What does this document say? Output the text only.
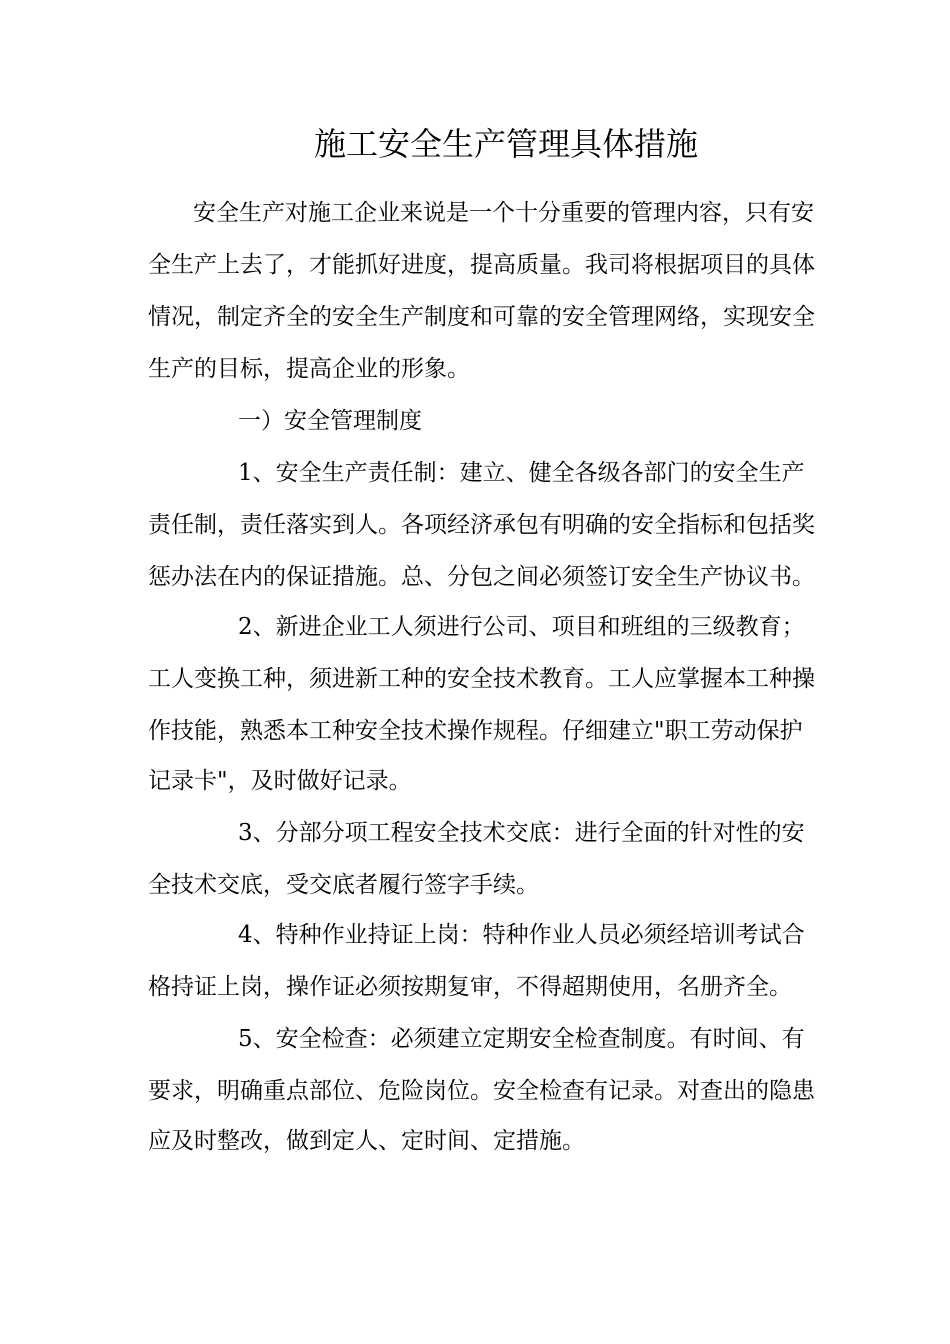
施工安全生产管理具体措施
安全生产对施工企业来说是一个十分重要的管理内容，只有安
全生产上去了，才能抓好进度，提高质量。我司将根据项目的具体
情况，制定齐全的安全生产制度和可靠的安全管理网络，实现安全
生产的目标，提高企业的形象。
一）安全管理制度
1、安全生产责任制：建立、健全各级各部门的安全生产
责任制，责任落实到人。各项经济承包有明确的安全指标和包括奖
惩办法在内的保证措施。总、分包之间必须签订安全生产协议书。
2、新进企业工人须进行公司、项目和班组的三级教育；
工人变换工种，须进新工种的安全技术教育。工人应掌握本工种操
作技能，熟悉本工种安全技术操作规程。仔细建立"职工劳动保护
记录卡"，及时做好记录。
3、分部分项工程安全技术交底：进行全面的针对性的安
全技术交底，受交底者履行签字手续。
4、特种作业持证上岗：特种作业人员必须经培训考试合
格持证上岗，操作证必须按期复审，不得超期使用，名册齐全。
5、安全检查：必须建立定期安全检查制度。有时间、有
要求，明确重点部位、危险岗位。安全检查有记录。对查出的隐患
应及时整改，做到定人、定时间、定措施。
